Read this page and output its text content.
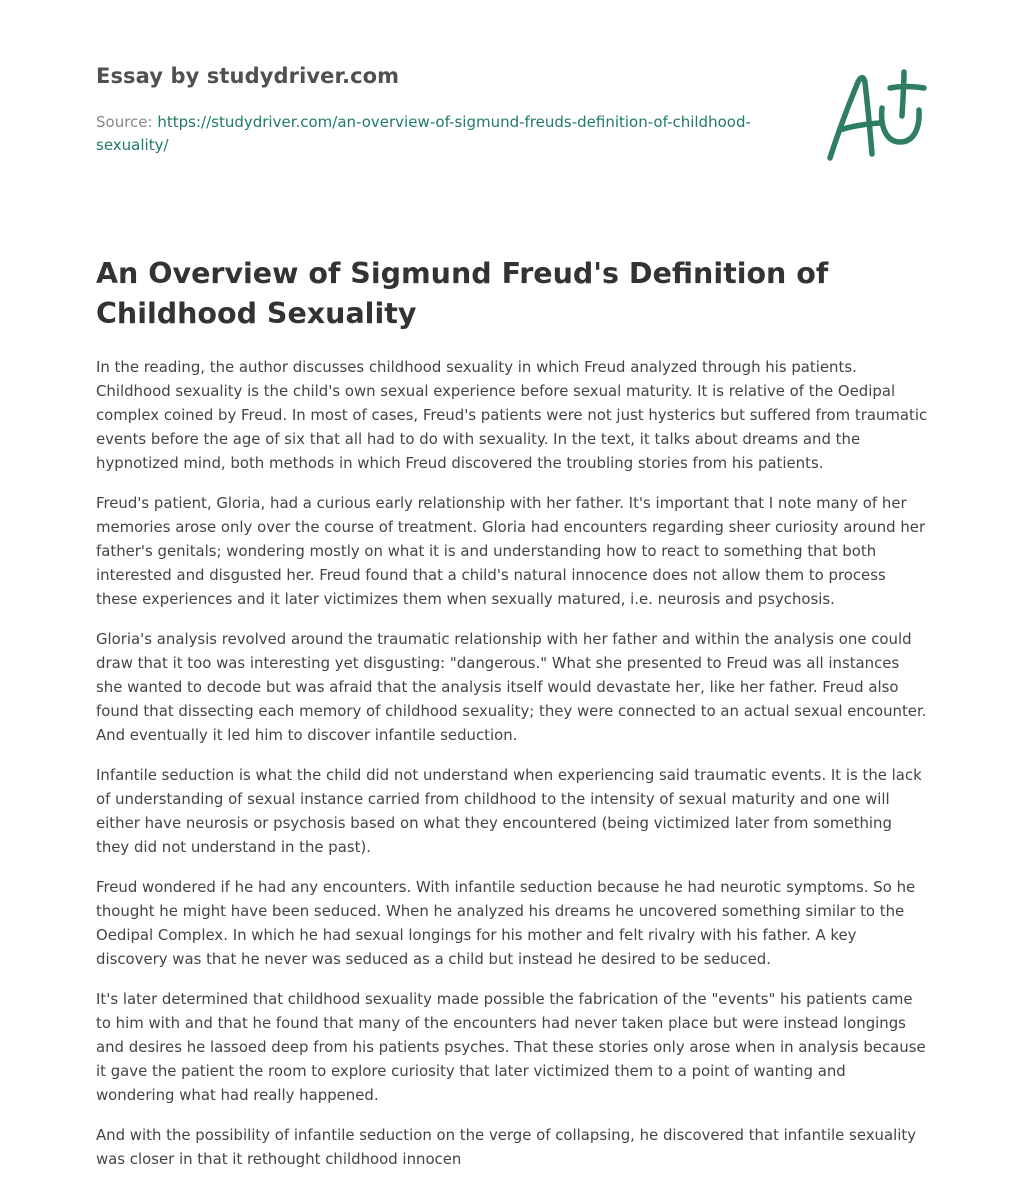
Essay by studydriver.com
Source: https://studydriver.com/an-overview-of-sigmund-freuds-definition-of-childhood-sexuality/
An Overview of Sigmund Freud's Definition of Childhood Sexuality

In the reading, the author discusses childhood sexuality in which Freud analyzed through his patients. Childhood sexuality is the child's own sexual experience before sexual maturity. It is relative of the Oedipal complex coined by Freud. In most of cases, Freud's patients were not just hysterics but suffered from traumatic events before the age of six that all had to do with sexuality. In the text, it talks about dreams and the hypnotized mind, both methods in which Freud discovered the troubling stories from his patients.

Freud's patient, Gloria, had a curious early relationship with her father. It's important that I note many of her memories arose only over the course of treatment. Gloria had encounters regarding sheer curiosity around her father's genitals; wondering mostly on what it is and understanding how to react to something that both interested and disgusted her. Freud found that a child's natural innocence does not allow them to process these experiences and it later victimizes them when sexually matured, i.e. neurosis and psychosis.

Gloria's analysis revolved around the traumatic relationship with her father and within the analysis one could draw that it too was interesting yet disgusting: "dangerous." What she presented to Freud was all instances she wanted to decode but was afraid that the analysis itself would devastate her, like her father. Freud also found that dissecting each memory of childhood sexuality; they were connected to an actual sexual encounter. And eventually it led him to discover infantile seduction.

Infantile seduction is what the child did not understand when experiencing said traumatic events. It is the lack of understanding of sexual instance carried from childhood to the intensity of sexual maturity and one will either have neurosis or psychosis based on what they encountered (being victimized later from something they did not understand in the past).

Freud wondered if he had any encounters. With infantile seduction because he had neurotic symptoms. So he thought he might have been seduced. When he analyzed his dreams he uncovered something similar to the Oedipal Complex. In which he had sexual longings for his mother and felt rivalry with his father. A key discovery was that he never was seduced as a child but instead he desired to be seduced.

It's later determined that childhood sexuality made possible the fabrication of the "events" his patients came to him with and that he found that many of the encounters had never taken place but were instead longings and desires he lassoed deep from his patients psyches. That these stories only arose when in analysis because it gave the patient the room to explore curiosity that later victimized them to a point of wanting and wondering what had really happened.

And with the possibility of infantile seduction on the verge of collapsing, he discovered that infantile sexuality was closer in that it rethought childhood innocen
